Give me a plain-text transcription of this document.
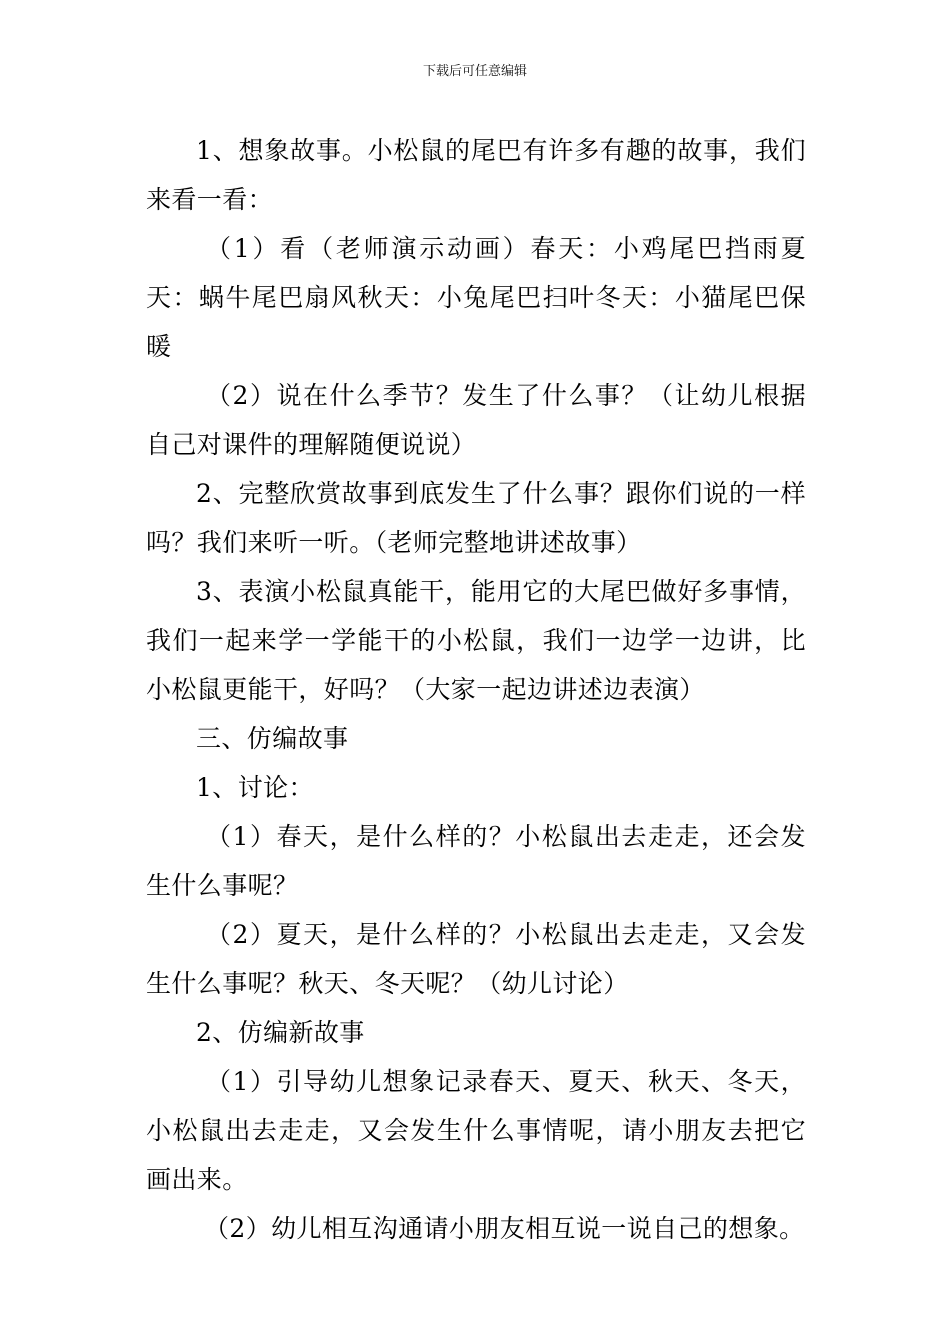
下载后可任意编辑

1、想象故事。小松鼠的尾巴有许多有趣的故事，我们来看一看：

（1）看（老师演示动画）春天：小鸡尾巴挡雨夏天：蜗牛尾巴扇风秋天：小兔尾巴扫叶冬天：小猫尾巴保暖

（2）说在什么季节？发生了什么事？（让幼儿根据自己对课件的理解随便说说）

2、完整欣赏故事到底发生了什么事？跟你们说的一样吗？我们来听一听。（老师完整地讲述故事）

3、表演小松鼠真能干，能用它的大尾巴做好多事情，我们一起来学一学能干的小松鼠，我们一边学一边讲，比小松鼠更能干，好吗？（大家一起边讲述边表演）

三、仿编故事

1、讨论：

（1）春天，是什么样的？小松鼠出去走走，还会发生什么事呢？

（2）夏天，是什么样的？小松鼠出去走走，又会发生什么事呢？秋天、冬天呢？（幼儿讨论）

2、仿编新故事

（1）引导幼儿想象记录春天、夏天、秋天、冬天，小松鼠出去走走，又会发生什么事情呢，请小朋友去把它画出来。

（2）幼儿相互沟通请小朋友相互说一说自己的想象。
